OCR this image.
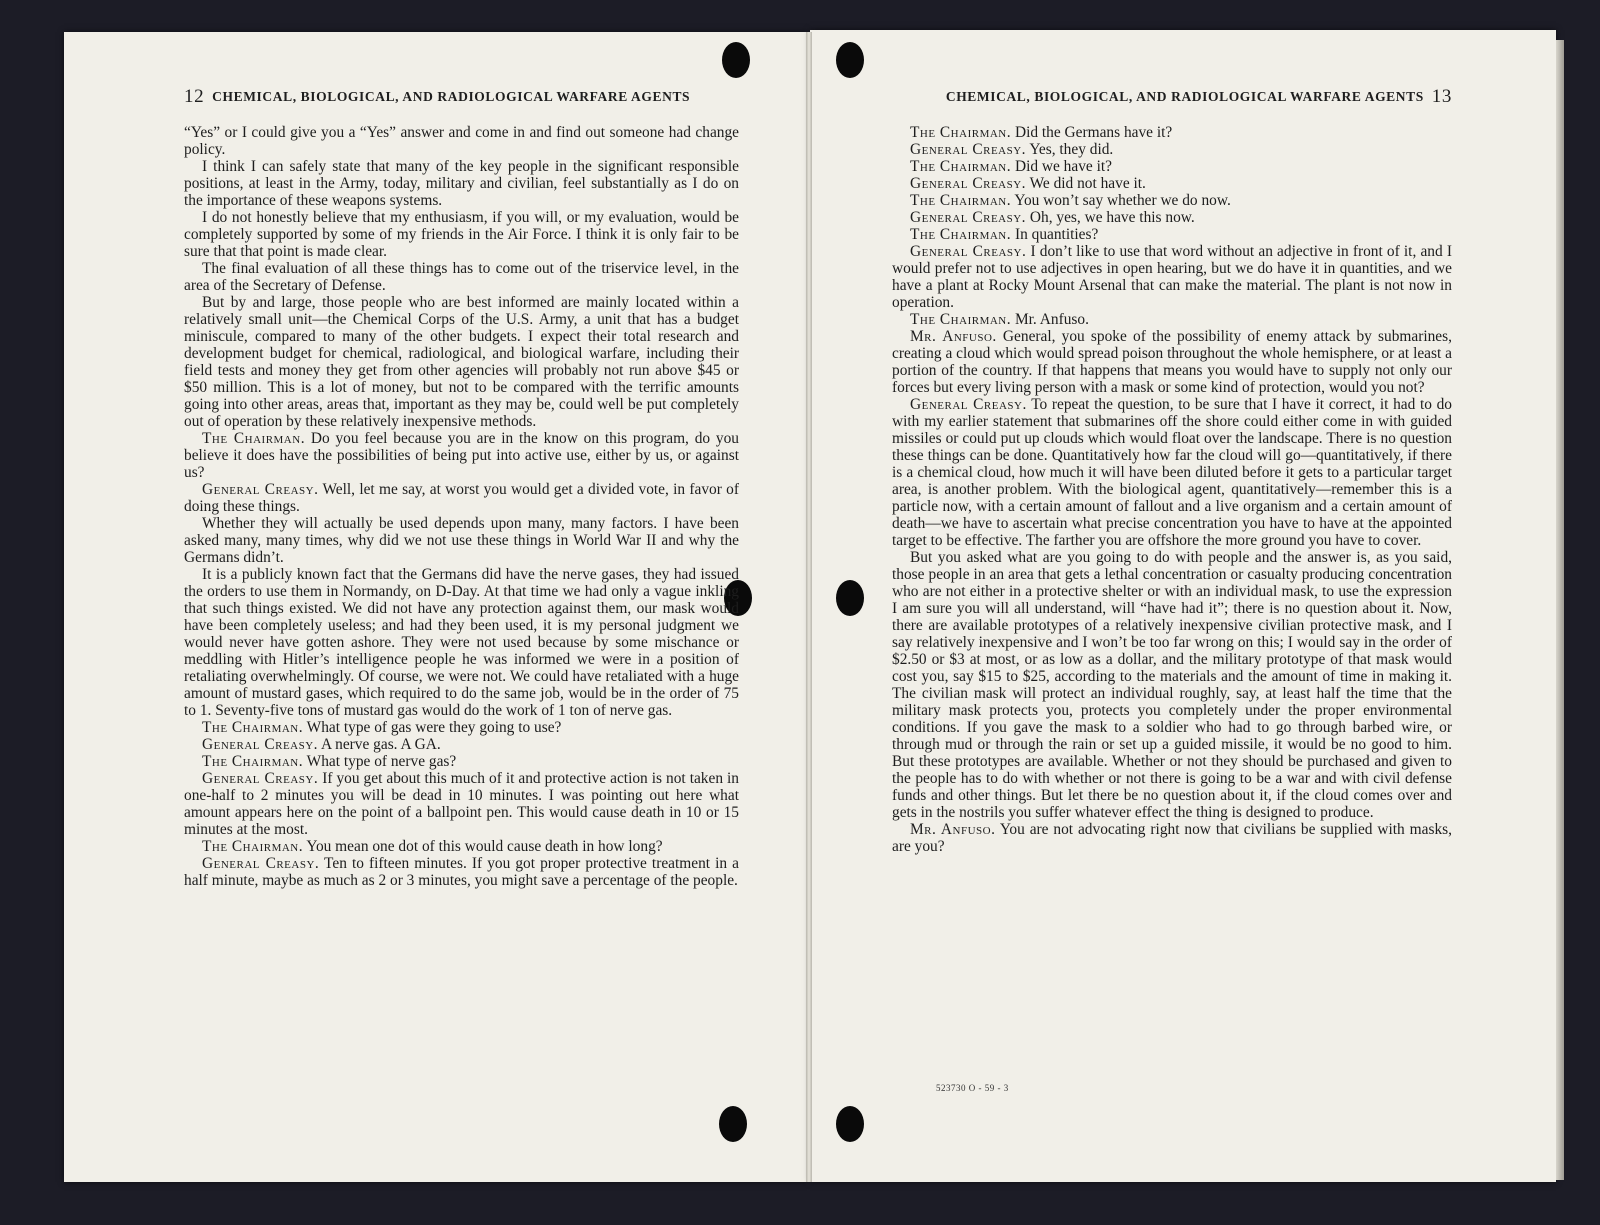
12 CHEMICAL, BIOLOGICAL, AND RADIOLOGICAL WARFARE AGENTS	CHEMICAL, BIOLOGICAL, AND RADIOLOGICAL WARFARE AGENTS 13

“Yes” or I could give you a “Yes” answer and come in and find out someone had change policy.

I think I can safely state that many of the key people in the significant responsible positions, at least in the Army, today, military and civilian, feel substantially as I do on the importance of these weapons systems.

I do not honestly believe that my enthusiasm, if you will, or my evaluation, would be completely supported by some of my friends in the Air Force. I think it is only fair to be sure that that point is made clear.

The final evaluation of all these things has to come out of the triservice level, in the area of the Secretary of Defense.

But by and large, those people who are best informed are mainly located within a relatively small unit—the Chemical Corps of the U.S. Army, a unit that has a budget miniscule, compared to many of the other budgets. I expect their total research and development budget for chemical, radiological, and biological warfare, including their field tests and money they get from other agencies will probably not run above $45 or $50 million. This is a lot of money, but not to be compared with the terrific amounts going into other areas, areas that, important as they may be, could well be put completely out of operation by these relatively inexpensive methods.

The Chairman. Do you feel because you are in the know on this program, do you believe it does have the possibilities of being put into active use, either by us, or against us?

General Creasy. Well, let me say, at worst you would get a divided vote, in favor of doing these things.

Whether they will actually be used depends upon many, many factors. I have been asked many, many times, why did we not use these things in World War II and why the Germans didn’t.

It is a publicly known fact that the Germans did have the nerve gases, they had issued the orders to use them in Normandy, on D-Day. At that time we had only a vague inkling that such things existed. We did not have any protection against them, our mask would have been completely useless; and had they been used, it is my personal judgment we would never have gotten ashore. They were not used because by some mischance or meddling with Hitler’s intelligence people he was informed we were in a position of retaliating overwhelmingly. Of course, we were not. We could have retaliated with a huge amount of mustard gases, which required to do the same job, would be in the order of 75 to 1. Seventy-five tons of mustard gas would do the work of 1 ton of nerve gas.

The Chairman. What type of gas were they going to use?

General Creasy. A nerve gas. A GA.

The Chairman. What type of nerve gas?

General Creasy. If you get about this much of it and protective action is not taken in one-half to 2 minutes you will be dead in 10 minutes. I was pointing out here what amount appears here on the point of a ballpoint pen. This would cause death in 10 or 15 minutes at the most.

The Chairman. You mean one dot of this would cause death in how long?

General Creasy. Ten to fifteen minutes. If you got proper protective treatment in a half minute, maybe as much as 2 or 3 minutes, you might save a percentage of the people.

The Chairman. Did the Germans have it?

General Creasy. Yes, they did.

The Chairman. Did we have it?

General Creasy. We did not have it.

The Chairman. You won’t say whether we do now.

General Creasy. Oh, yes, we have this now.

The Chairman. In quantities?

General Creasy. I don’t like to use that word without an adjective in front of it, and I would prefer not to use adjectives in open hearing, but we do have it in quantities, and we have a plant at Rocky Mount Arsenal that can make the material. The plant is not now in operation.

The Chairman. Mr. Anfuso.

Mr. Anfuso. General, you spoke of the possibility of enemy attack by submarines, creating a cloud which would spread poison throughout the whole hemisphere, or at least a portion of the country. If that happens that means you would have to supply not only our forces but every living person with a mask or some kind of protection, would you not?

General Creasy. To repeat the question, to be sure that I have it correct, it had to do with my earlier statement that submarines off the shore could either come in with guided missiles or could put up clouds which would float over the landscape. There is no question these things can be done. Quantitatively how far the cloud will go—quantitatively, if there is a chemical cloud, how much it will have been diluted before it gets to a particular target area, is another problem. With the biological agent, quantitatively—remember this is a particle now, with a certain amount of fallout and a live organism and a certain amount of death—we have to ascertain what precise concentration you have to have at the appointed target to be effective. The farther you are offshore the more ground you have to cover.

But you asked what are you going to do with people and the answer is, as you said, those people in an area that gets a lethal concentration or casualty producing concentration who are not either in a protective shelter or with an individual mask, to use the expression I am sure you will all understand, will “have had it”; there is no question about it. Now, there are available prototypes of a relatively inexpensive civilian protective mask, and I say relatively inexpensive and I won’t be too far wrong on this; I would say in the order of $2.50 or $3 at most, or as low as a dollar, and the military prototype of that mask would cost you, say $15 to $25, according to the materials and the amount of time in making it. The civilian mask will protect an individual roughly, say, at least half the time that the military mask protects you, protects you completely under the proper environmental conditions. If you gave the mask to a soldier who had to go through barbed wire, or through mud or through the rain or set up a guided missile, it would be no good to him. But these prototypes are available. Whether or not they should be purchased and given to the people has to do with whether or not there is going to be a war and with civil defense funds and other things. But let there be no question about it, if the cloud comes over and gets in the nostrils you suffer whatever effect the thing is designed to produce.

Mr. Anfuso. You are not advocating right now that civilians be supplied with masks, are you?

523730 O - 59 - 3
